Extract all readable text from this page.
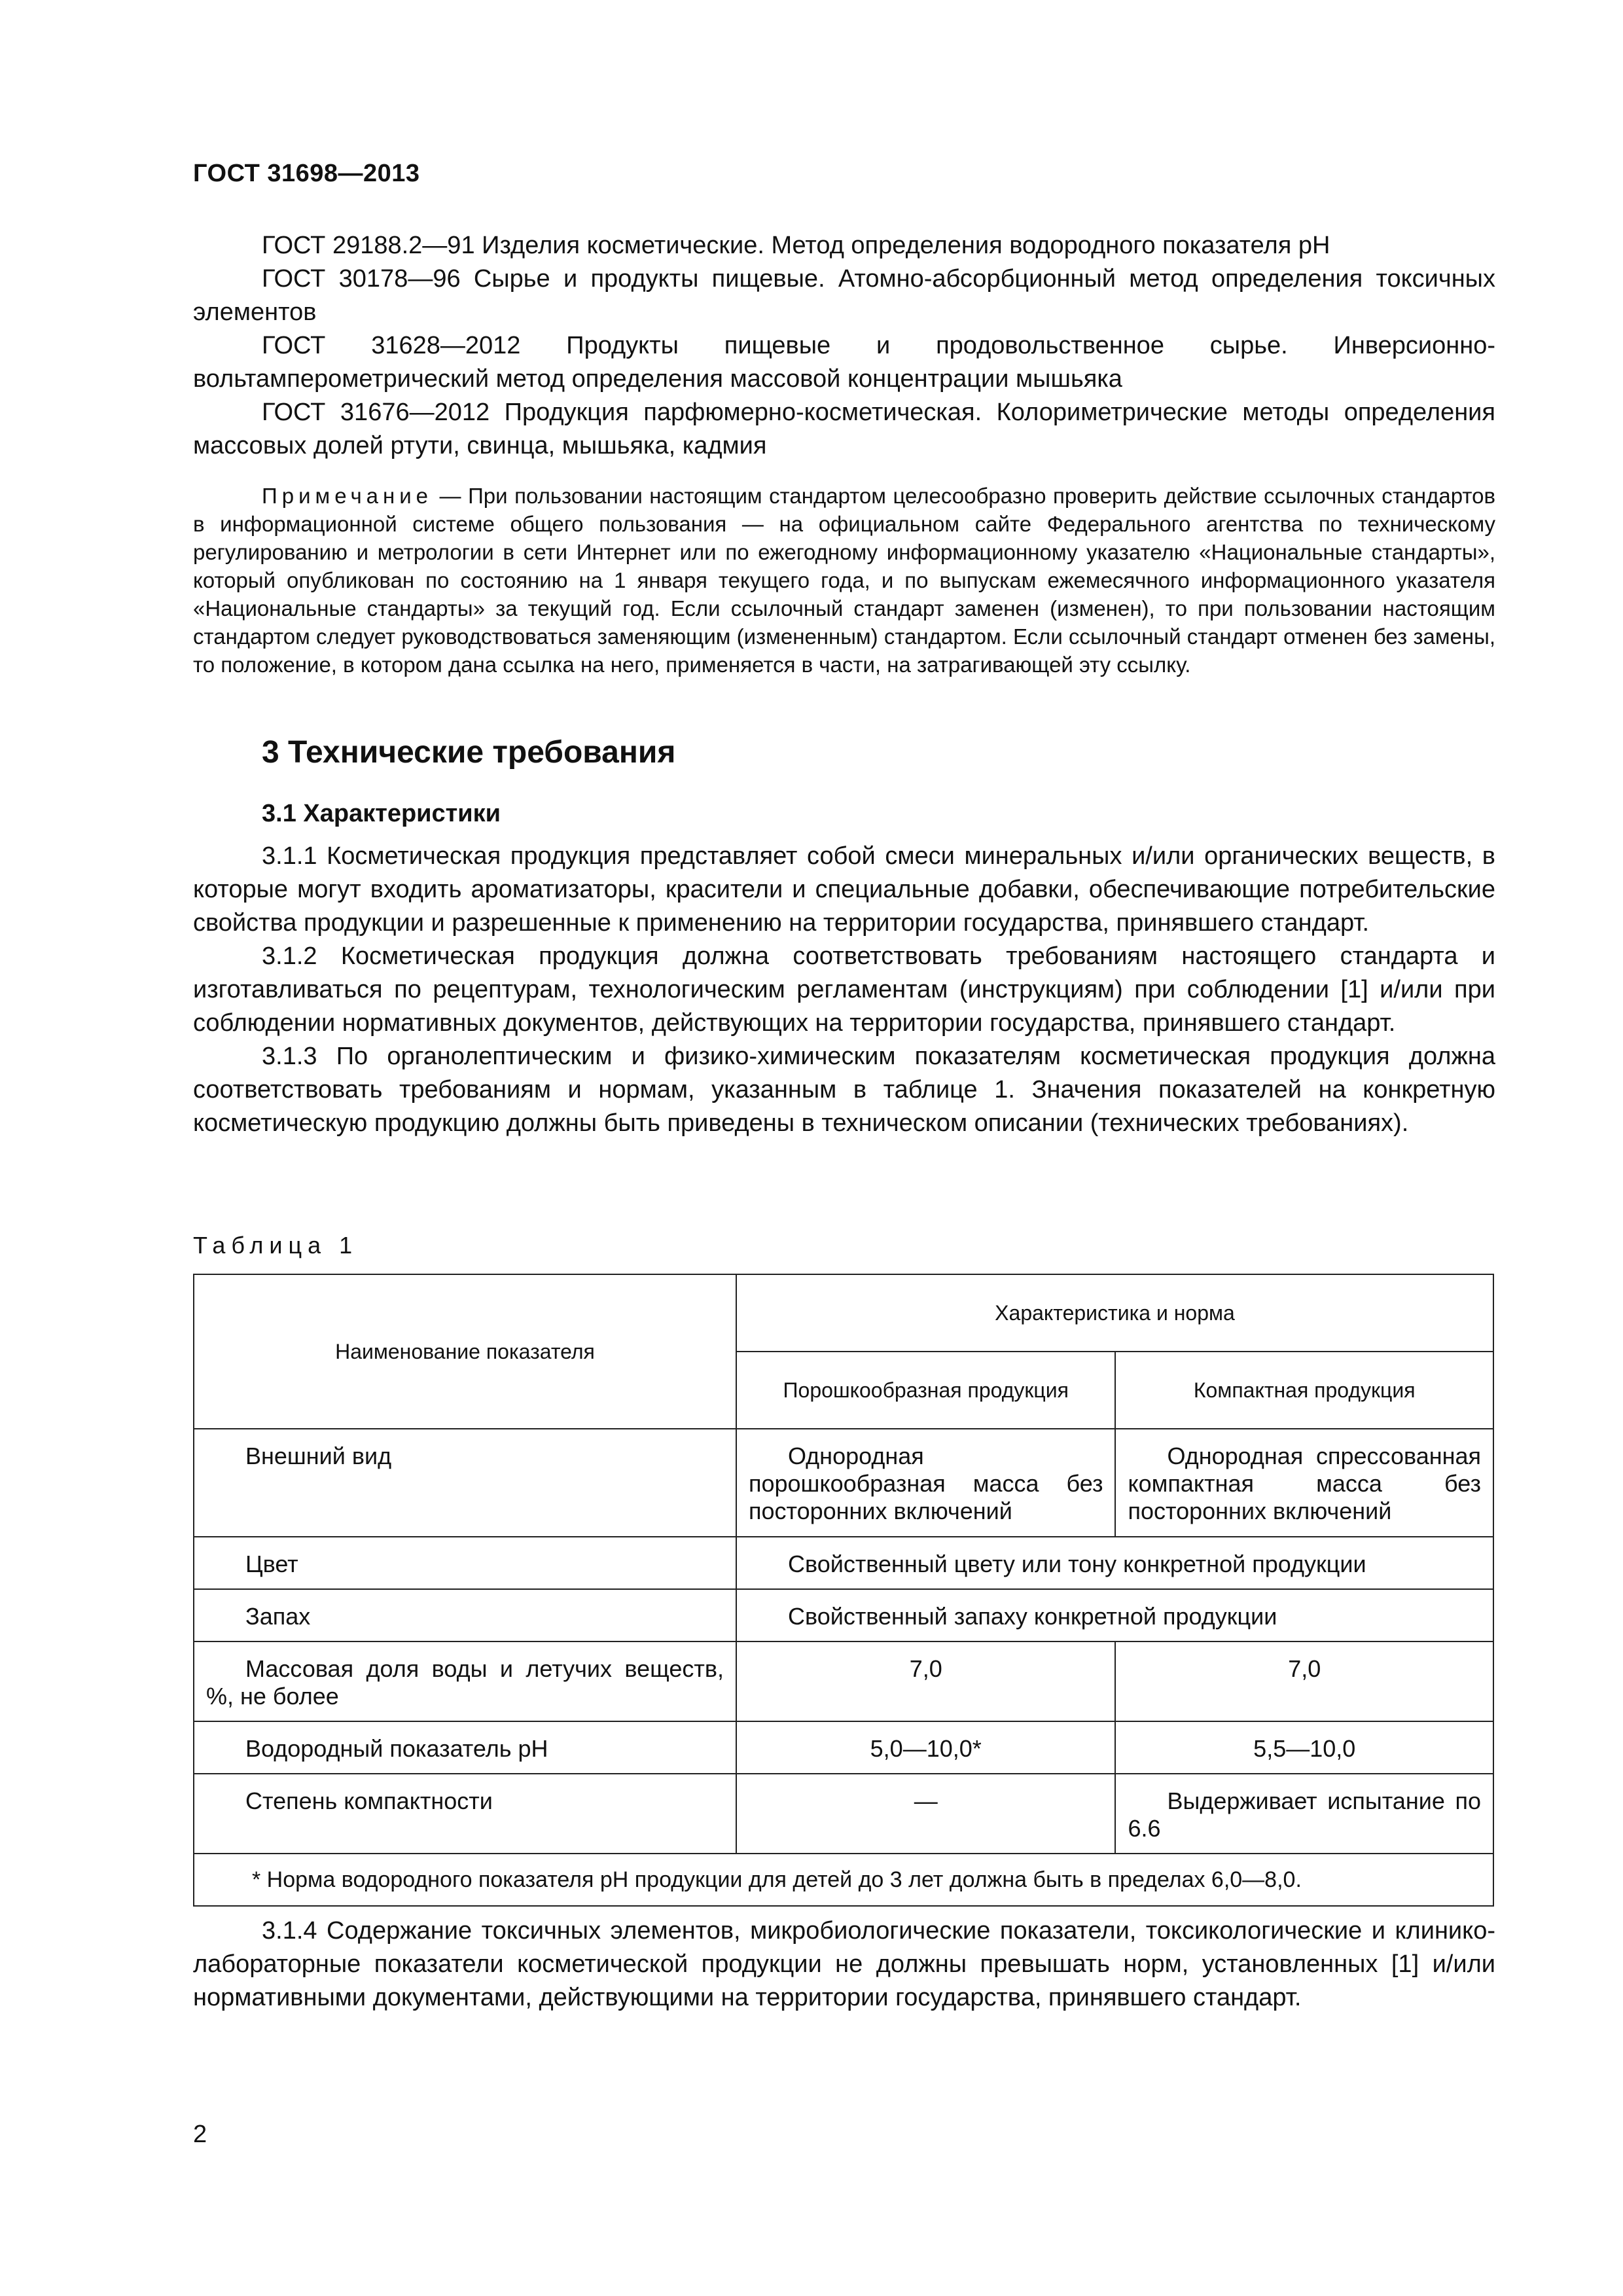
ГОСТ 31698—2013

ГОСТ 29188.2—91 Изделия косметические. Метод определения водородного показателя pH

ГОСТ 30178—96 Сырье и продукты пищевые. Атомно-абсорбционный метод определения токсичных элементов

ГОСТ 31628—2012 Продукты пищевые и продовольственное сырье. Инверсионно-вольтамперометрический метод определения массовой концентрации мышьяка

ГОСТ 31676—2012 Продукция парфюмерно-косметическая. Колориметрические методы определения массовых долей ртути, свинца, мышьяка, кадмия

Примечание — При пользовании настоящим стандартом целесообразно проверить действие ссылочных стандартов в информационной системе общего пользования — на официальном сайте Федерального агентства по техническому регулированию и метрологии в сети Интернет или по ежегодному информационному указателю «Национальные стандарты», который опубликован по состоянию на 1 января текущего года, и по выпускам ежемесячного информационного указателя «Национальные стандарты» за текущий год. Если ссылочный стандарт заменен (изменен), то при пользовании настоящим стандартом следует руководствоваться заменяющим (измененным) стандартом. Если ссылочный стандарт отменен без замены, то положение, в котором дана ссылка на него, применяется в части, на затрагивающей эту ссылку.

3 Технические требования
3.1 Характеристики

3.1.1 Косметическая продукция представляет собой смеси минеральных и/или органических веществ, в которые могут входить ароматизаторы, красители и специальные добавки, обеспечивающие потребительские свойства продукции и разрешенные к применению на территории государства, принявшего стандарт.

3.1.2 Косметическая продукция должна соответствовать требованиям настоящего стандарта и изготавливаться по рецептурам, технологическим регламентам (инструкциям) при соблюдении [1] и/или при соблюдении нормативных документов, действующих на территории государства, принявшего стандарт.

3.1.3 По органолептическим и физико-химическим показателям косметическая продукция должна соответствовать требованиям и нормам, указанным в таблице 1. Значения показателей на конкретную косметическую продукцию должны быть приведены в техническом описании (технических требованиях).

Таблица 1
Наименование показателя	Характеристика и норма	
	Порошкообразная продукция	Компактная продукция
Внешний вид	Однородная порошкообразная масса без посторонних включений	Однородная спрессованная компактная масса без посторонних включений
Цвет	Свойственный цвету или тону конкретной продукции	
Запах	Свойственный запаху конкретной продукции	
Массовая доля воды и летучих веществ, %, не более	7,0	7,0
Водородный показатель pH	5,0—10,0*	5,5—10,0
Степень компактности	—	Выдерживает испытание по 6.6
* Норма водородного показателя pH продукции для детей до 3 лет должна быть в пределах 6,0—8,0.		

3.1.4 Содержание токсичных элементов, микробиологические показатели, токсикологические и клинико-лабораторные показатели косметической продукции не должны превышать норм, установленных [1] и/или нормативными документами, действующими на территории государства, принявшего стандарт.

2
